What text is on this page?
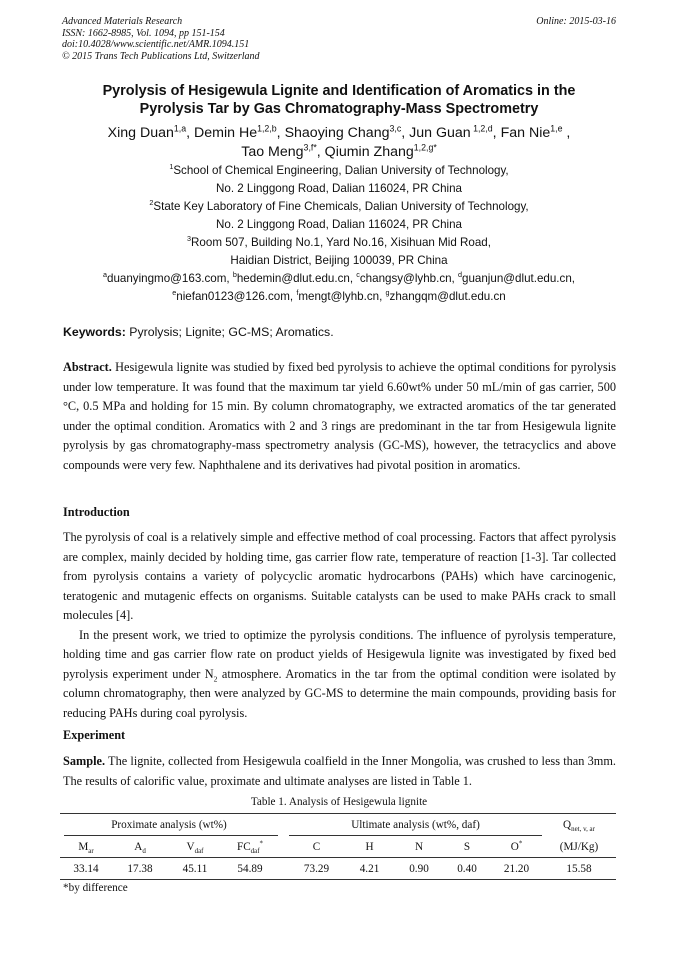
Advanced Materials Research
ISSN: 1662-8985, Vol. 1094, pp 151-154
doi:10.4028/www.scientific.net/AMR.1094.151
© 2015 Trans Tech Publications Ltd, Switzerland
Online: 2015-03-16
Pyrolysis of Hesigewula Lignite and Identification of Aromatics in the
Pyrolysis Tar by Gas Chromatography-Mass Spectrometry
Xing Duan$^{1,a}$, Demin He$^{1,2,b}$, Shaoying Chang$^{3,c}$, Jun Guan $^{1,2,d}$, Fan Nie$^{1,e}$ ,
Tao Meng$^{3,f*}$, Qiumin Zhang$^{1,2,g*}$
$^1$School of Chemical Engineering, Dalian University of Technology,
No. 2 Linggong Road, Dalian 116024, PR China
$^2$State Key Laboratory of Fine Chemicals, Dalian University of Technology,
No. 2 Linggong Road, Dalian 116024, PR China
$^3$Room 507, Building No.1, Yard No.16, Xisihuan Mid Road,
Haidian District, Beijing 100039, PR China
$^a$duanyingmo@163.com, $^b$hedemin@dlut.edu.cn, $^c$changsy@lyhb.cn, $^d$guanjun@dlut.edu.cn,
$^e$niefan0123@126.com, $^f$mengt@lyhb.cn, $^g$zhangqm@dlut.edu.cn
Keywords: Pyrolysis; Lignite; GC-MS; Aromatics.
Abstract. Hesigewula lignite was studied by fixed bed pyrolysis to achieve the optimal conditions for pyrolysis under low temperature. It was found that the maximum tar yield 6.60wt% under 50 mL/min of gas carrier, 500 °C, 0.5 MPa and holding for 15 min. By column chromatography, we extracted aromatics of the tar generated under the optimal condition. Aromatics with 2 and 3 rings are predominant in the tar from Hesigewula lignite pyrolysis by gas chromatography-mass spectrometry analysis (GC-MS), however, the tetracyclics and above compounds were very few. Naphthalene and its derivatives had pivotal position in aromatics.
Introduction
The pyrolysis of coal is a relatively simple and effective method of coal processing. Factors that affect pyrolysis are complex, mainly decided by holding time, gas carrier flow rate, temperature of reaction [1-3]. Tar collected from pyrolysis contains a variety of polycyclic aromatic hydrocarbons (PAHs) which have carcinogenic, teratogenic and mutagenic effects on organisms. Suitable catalysts can be used to make PAHs crack to small molecules [4].
In the present work, we tried to optimize the pyrolysis conditions. The influence of pyrolysis temperature, holding time and gas carrier flow rate on product yields of Hesigewula lignite was investigated by fixed bed pyrolysis experiment under $N_2$ atmosphere. Aromatics in the tar from the optimal condition were isolated by column chromatography, then were analyzed by GC-MS to determine the main compounds, providing basis for reducing PAHs during coal pyrolysis.
Experiment
Sample. The lignite, collected from Hesigewula coalfield in the Inner Mongolia, was crushed to less than 3mm. The results of calorific value, proximate and ultimate analyses are listed in Table 1.
Table 1. Analysis of Hesigewula lignite
Proximate analysis (wt%)					Ultimate analysis (wt%, daf)					$Q_{net, v, ar}$
$M_{ar}$	$A_d$	$V_{daf}$	$FC_{daf}^*$		C	H	N	S	O*	(MJ/Kg)
33.14	17.38	45.11	54.89		73.29	4.21	0.90	0.40	21.20	15.58
*by difference
